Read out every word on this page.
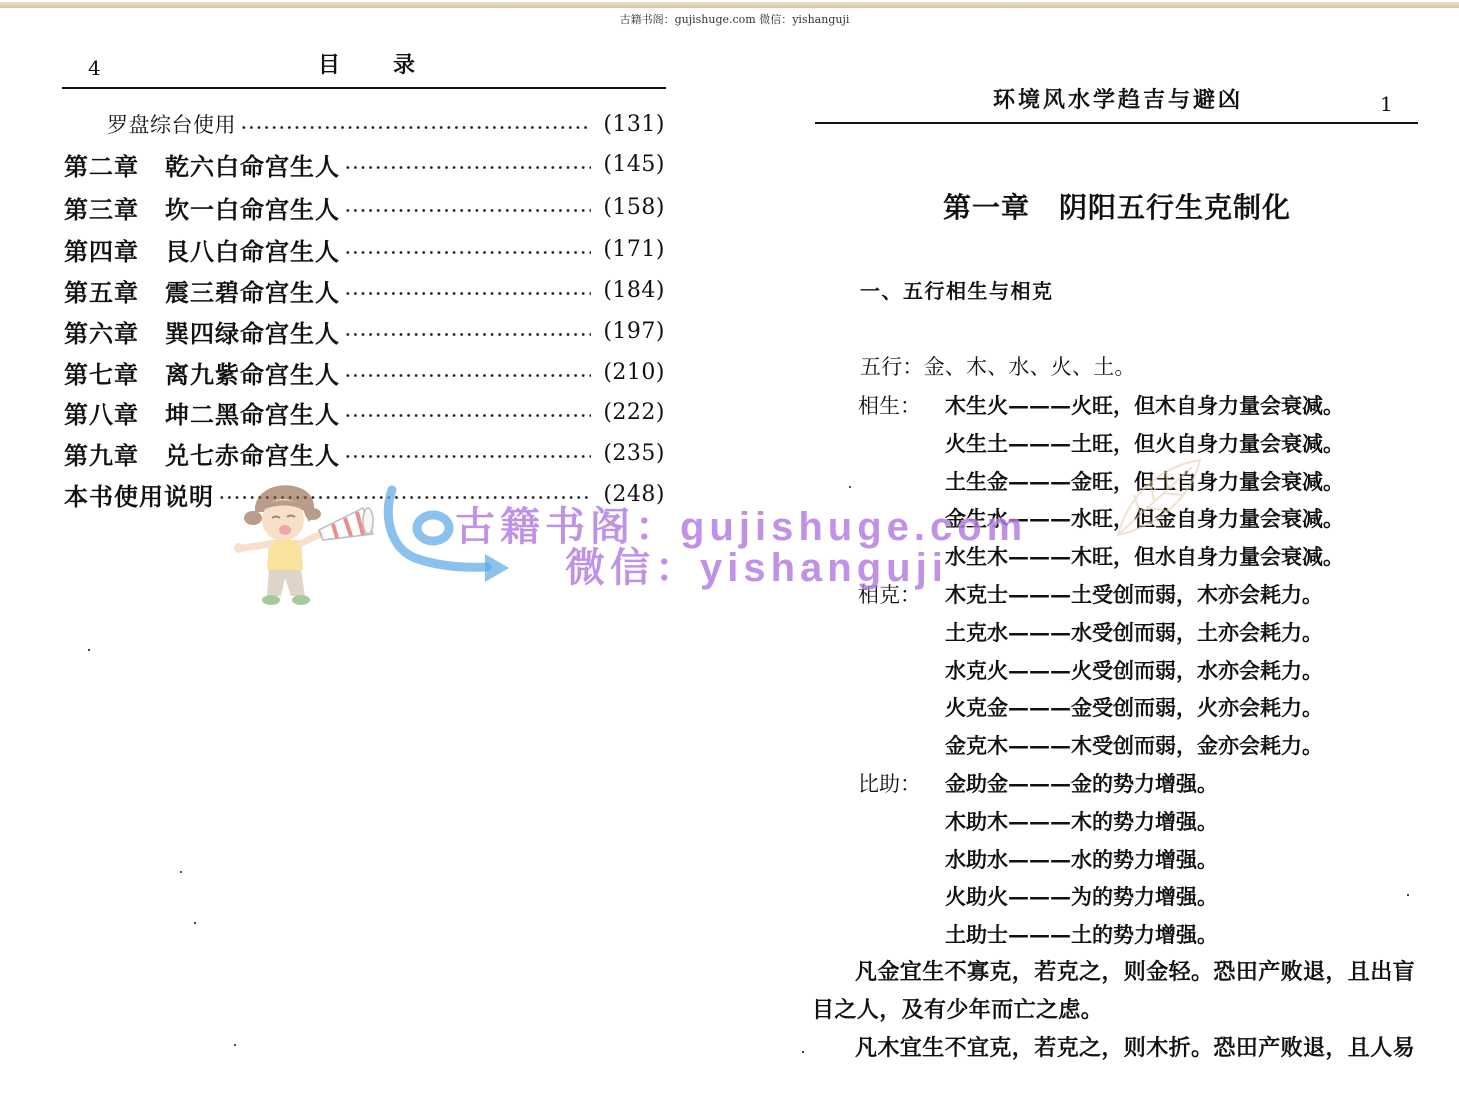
古籍书阁：gujishuge.com 微信：yishanguji
4	目　　录
罗盘综台使用	(131)
第二章 乾六白命宫生人	(145)
第三章 坎一白命宫生人	(158)
第四章 艮八白命宫生人	(171)
第五章 震三碧命宫生人	(184)
第六章 巽四绿命宫生人	(197)
第七章 离九紫命宫生人	(210)
第八章 坤二黑命宫生人	(222)
第九章 兑七赤命宫生人	(235)
本书使用说明	(248)
环境风水学趋吉与避凶	1
第一章　阴阳五行生克制化
一、五行相生与相克
五行：金、木、水、火、土。
相生： 木生火———火旺，但木自身力量会衰减。
火生土———土旺，但火自身力量会衰减。
土生金———金旺，但土自身力量会衰减。
金生水———水旺，但金自身力量会衰减。
水生木———木旺，但水自身力量会衰减。
相克： 木克士———土受创而弱，木亦会耗力。
土克水———水受创而弱，土亦会耗力。
水克火———火受创而弱，水亦会耗力。
火克金———金受创而弱，火亦会耗力。
金克木———木受创而弱，金亦会耗力。
比助： 金助金———金的势力增强。
木助木———木的势力增强。
水助水———水的势力增强。
火助火———为的势力增强。
土助士———土的势力增强。
凡金宜生不寡克，若克之，则金轻。恐田产败退，且出盲
目之人，及有少年而亡之虑。
凡木宜生不宜克，若克之，则木折。恐田产败退，且人易
古籍书阁：gujishuge.com
微信：yishanguji
